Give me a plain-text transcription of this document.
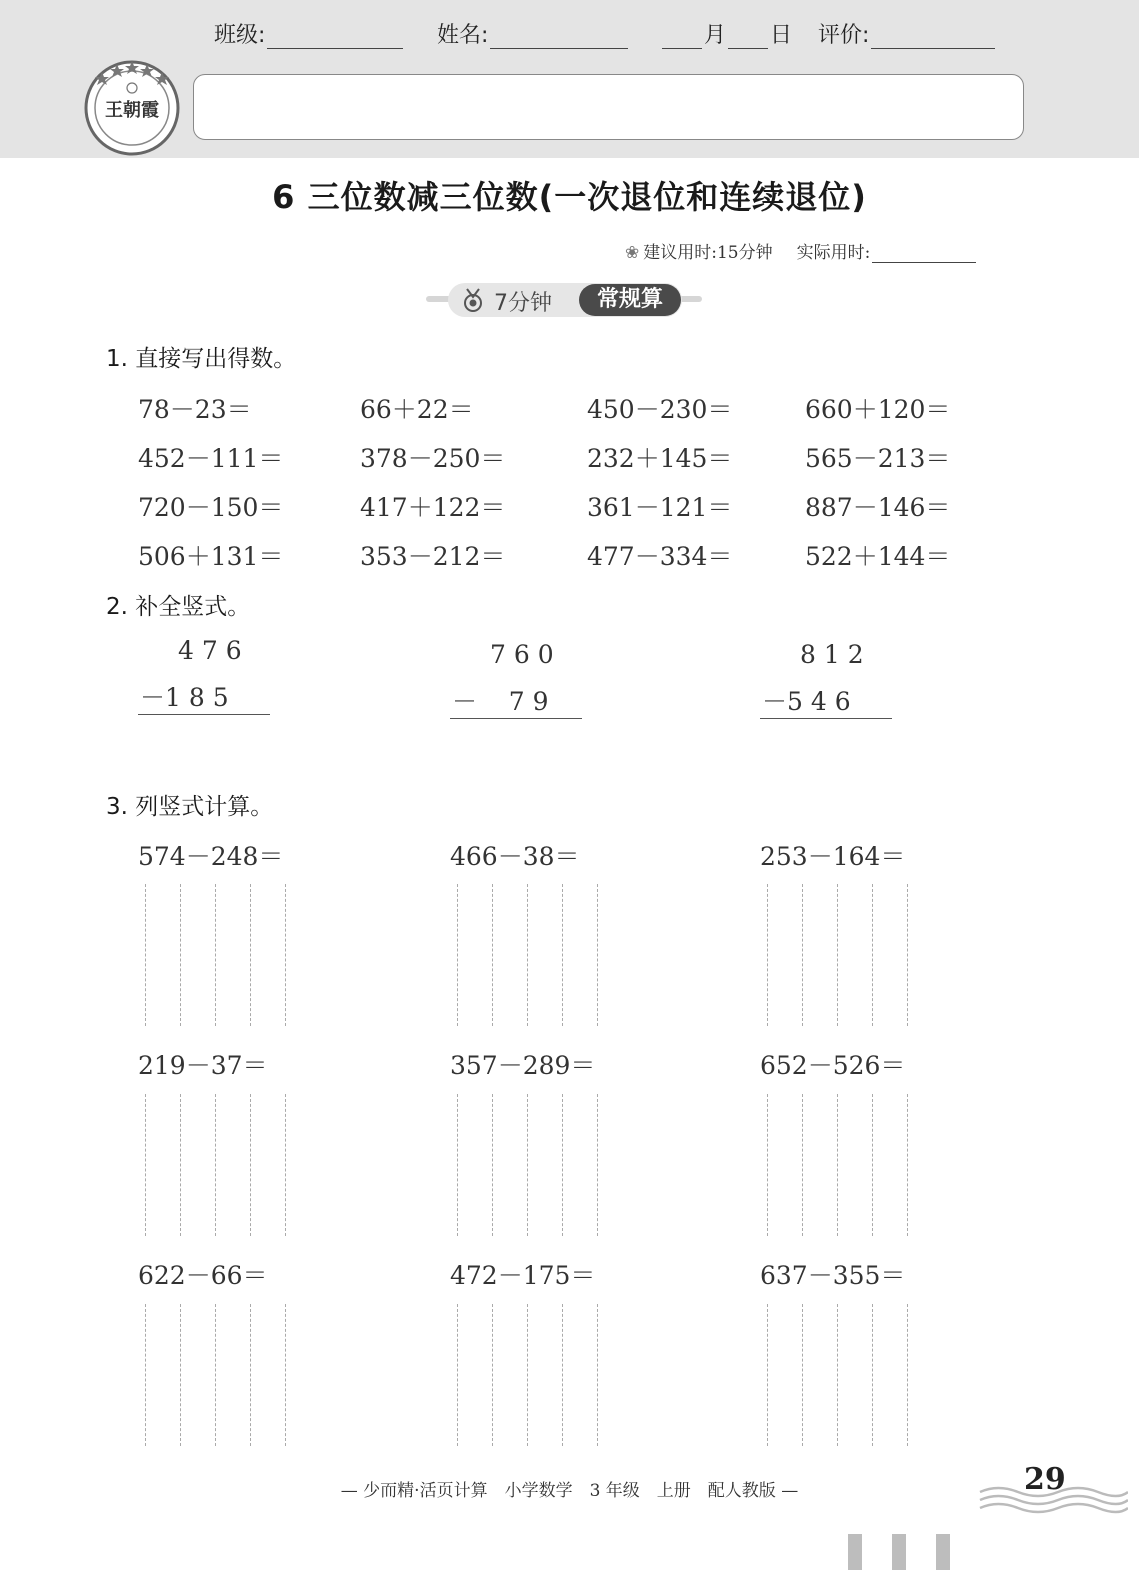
王朝霞
班级:	姓名:	月 日 评价:
6 三位数减三位数(一次退位和连续退位)
❀ 建议用时:15分钟 实际用时:
7分钟	常规算
1. 直接写出得数。
78－23＝	66＋22＝	450－230＝	660＋120＝
452－111＝	378－250＝	232＋145＝	565－213＝
720－150＝	417＋122＝	361－121＝	887－146＝
506＋131＝	353－212＝	477－334＝	522＋144＝
2. 补全竖式。
4 7 6
－1 8 5
7 6 0
－    7 9
8 1 2
－5 4 6
3. 列竖式计算。
574－248＝	466－38＝	253－164＝
219－37＝	357－289＝	652－526＝
622－66＝	472－175＝	637－355＝
— 少而精·活页计算　小学数学　3 年级　上册　配人教版 —	29
